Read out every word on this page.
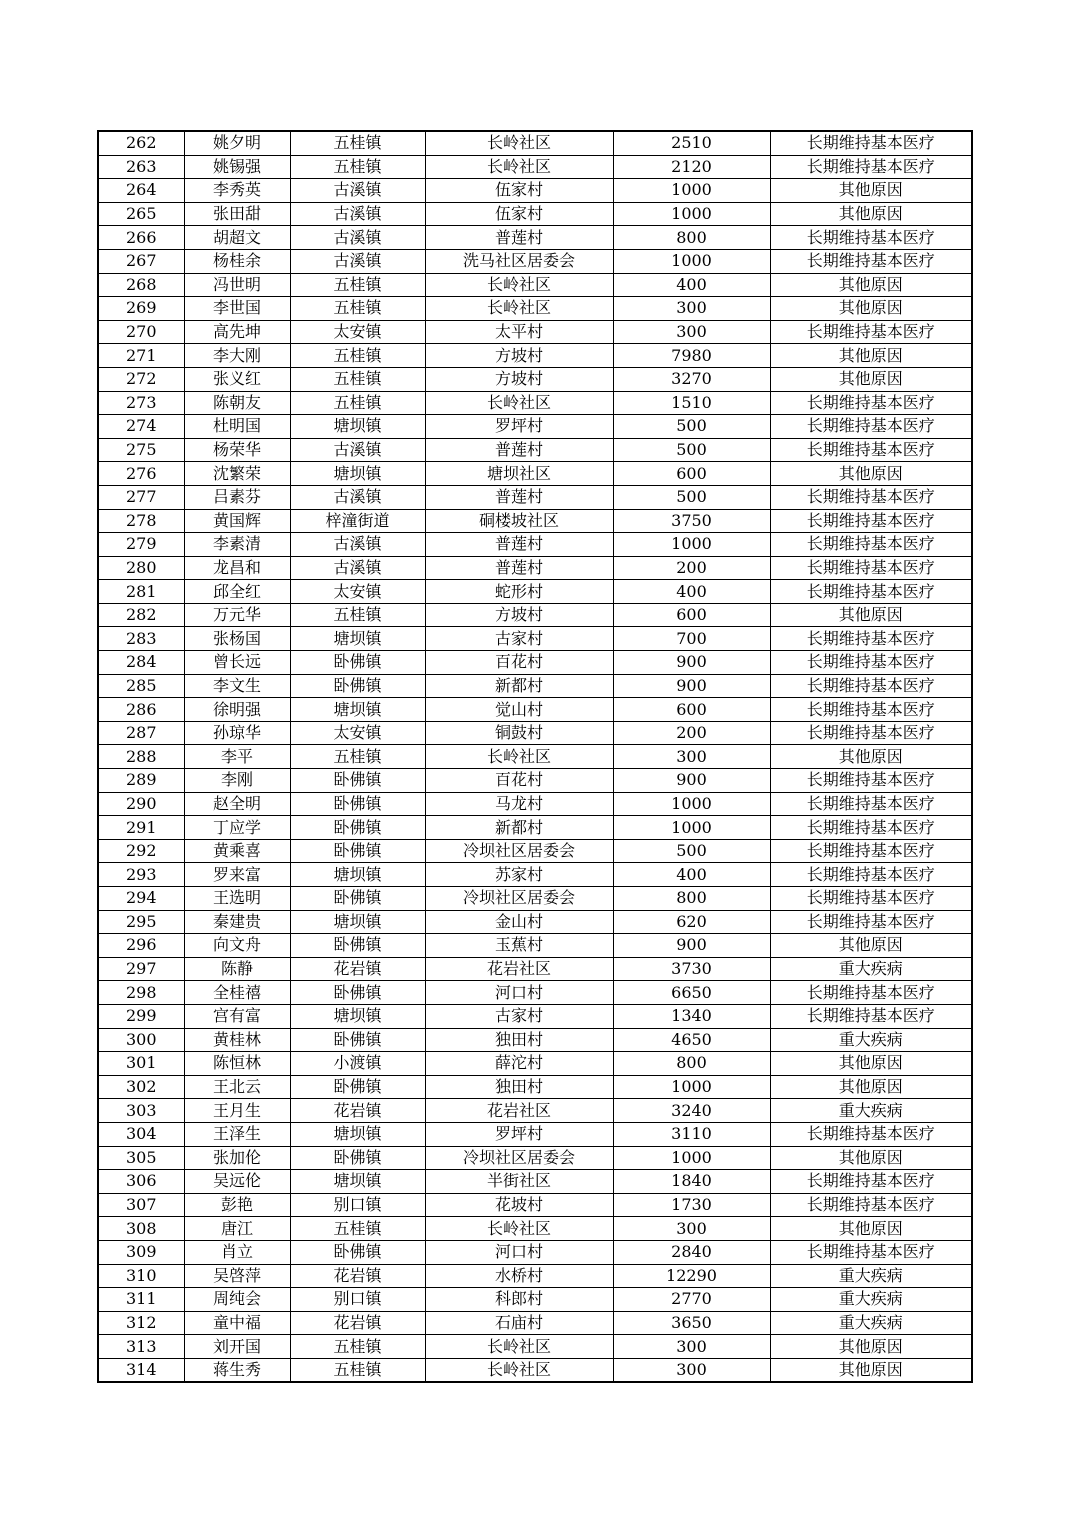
262	姚夕明	五桂镇	长岭社区	2510	长期维持基本医疗
263	姚锡强	五桂镇	长岭社区	2120	长期维持基本医疗
264	李秀英	古溪镇	伍家村	1000	其他原因
265	张田甜	古溪镇	伍家村	1000	其他原因
266	胡超文	古溪镇	普莲村	800	长期维持基本医疗
267	杨桂余	古溪镇	洗马社区居委会	1000	长期维持基本医疗
268	冯世明	五桂镇	长岭社区	400	其他原因
269	李世国	五桂镇	长岭社区	300	其他原因
270	高先坤	太安镇	太平村	300	长期维持基本医疗
271	李大刚	五桂镇	方坡村	7980	其他原因
272	张义红	五桂镇	方坡村	3270	其他原因
273	陈朝友	五桂镇	长岭社区	1510	长期维持基本医疗
274	杜明国	塘坝镇	罗坪村	500	长期维持基本医疗
275	杨荣华	古溪镇	普莲村	500	长期维持基本医疗
276	沈繁荣	塘坝镇	塘坝社区	600	其他原因
277	吕素芬	古溪镇	普莲村	500	长期维持基本医疗
278	黄国辉	梓潼街道	硐楼坡社区	3750	长期维持基本医疗
279	李素清	古溪镇	普莲村	1000	长期维持基本医疗
280	龙昌和	古溪镇	普莲村	200	长期维持基本医疗
281	邱全红	太安镇	蛇形村	400	长期维持基本医疗
282	万元华	五桂镇	方坡村	600	其他原因
283	张杨国	塘坝镇	古家村	700	长期维持基本医疗
284	曾长远	卧佛镇	百花村	900	长期维持基本医疗
285	李文生	卧佛镇	新都村	900	长期维持基本医疗
286	徐明强	塘坝镇	觉山村	600	长期维持基本医疗
287	孙琼华	太安镇	铜鼓村	200	长期维持基本医疗
288	李平	五桂镇	长岭社区	300	其他原因
289	李刚	卧佛镇	百花村	900	长期维持基本医疗
290	赵全明	卧佛镇	马龙村	1000	长期维持基本医疗
291	丁应学	卧佛镇	新都村	1000	长期维持基本医疗
292	黄乘喜	卧佛镇	冷坝社区居委会	500	长期维持基本医疗
293	罗来富	塘坝镇	苏家村	400	长期维持基本医疗
294	王选明	卧佛镇	冷坝社区居委会	800	长期维持基本医疗
295	秦建贵	塘坝镇	金山村	620	长期维持基本医疗
296	向文舟	卧佛镇	玉蕉村	900	其他原因
297	陈静	花岩镇	花岩社区	3730	重大疾病
298	全桂禧	卧佛镇	河口村	6650	长期维持基本医疗
299	宫有富	塘坝镇	古家村	1340	长期维持基本医疗
300	黄桂林	卧佛镇	独田村	4650	重大疾病
301	陈恒林	小渡镇	薛沱村	800	其他原因
302	王北云	卧佛镇	独田村	1000	其他原因
303	王月生	花岩镇	花岩社区	3240	重大疾病
304	王泽生	塘坝镇	罗坪村	3110	长期维持基本医疗
305	张加伦	卧佛镇	冷坝社区居委会	1000	其他原因
306	吴远伦	塘坝镇	半街社区	1840	长期维持基本医疗
307	彭艳	别口镇	花坡村	1730	长期维持基本医疗
308	唐江	五桂镇	长岭社区	300	其他原因
309	肖立	卧佛镇	河口村	2840	长期维持基本医疗
310	吴啓萍	花岩镇	水桥村	12290	重大疾病
311	周纯会	别口镇	科郎村	2770	重大疾病
312	童中福	花岩镇	石庙村	3650	重大疾病
313	刘开国	五桂镇	长岭社区	300	其他原因
314	蒋生秀	五桂镇	长岭社区	300	其他原因
